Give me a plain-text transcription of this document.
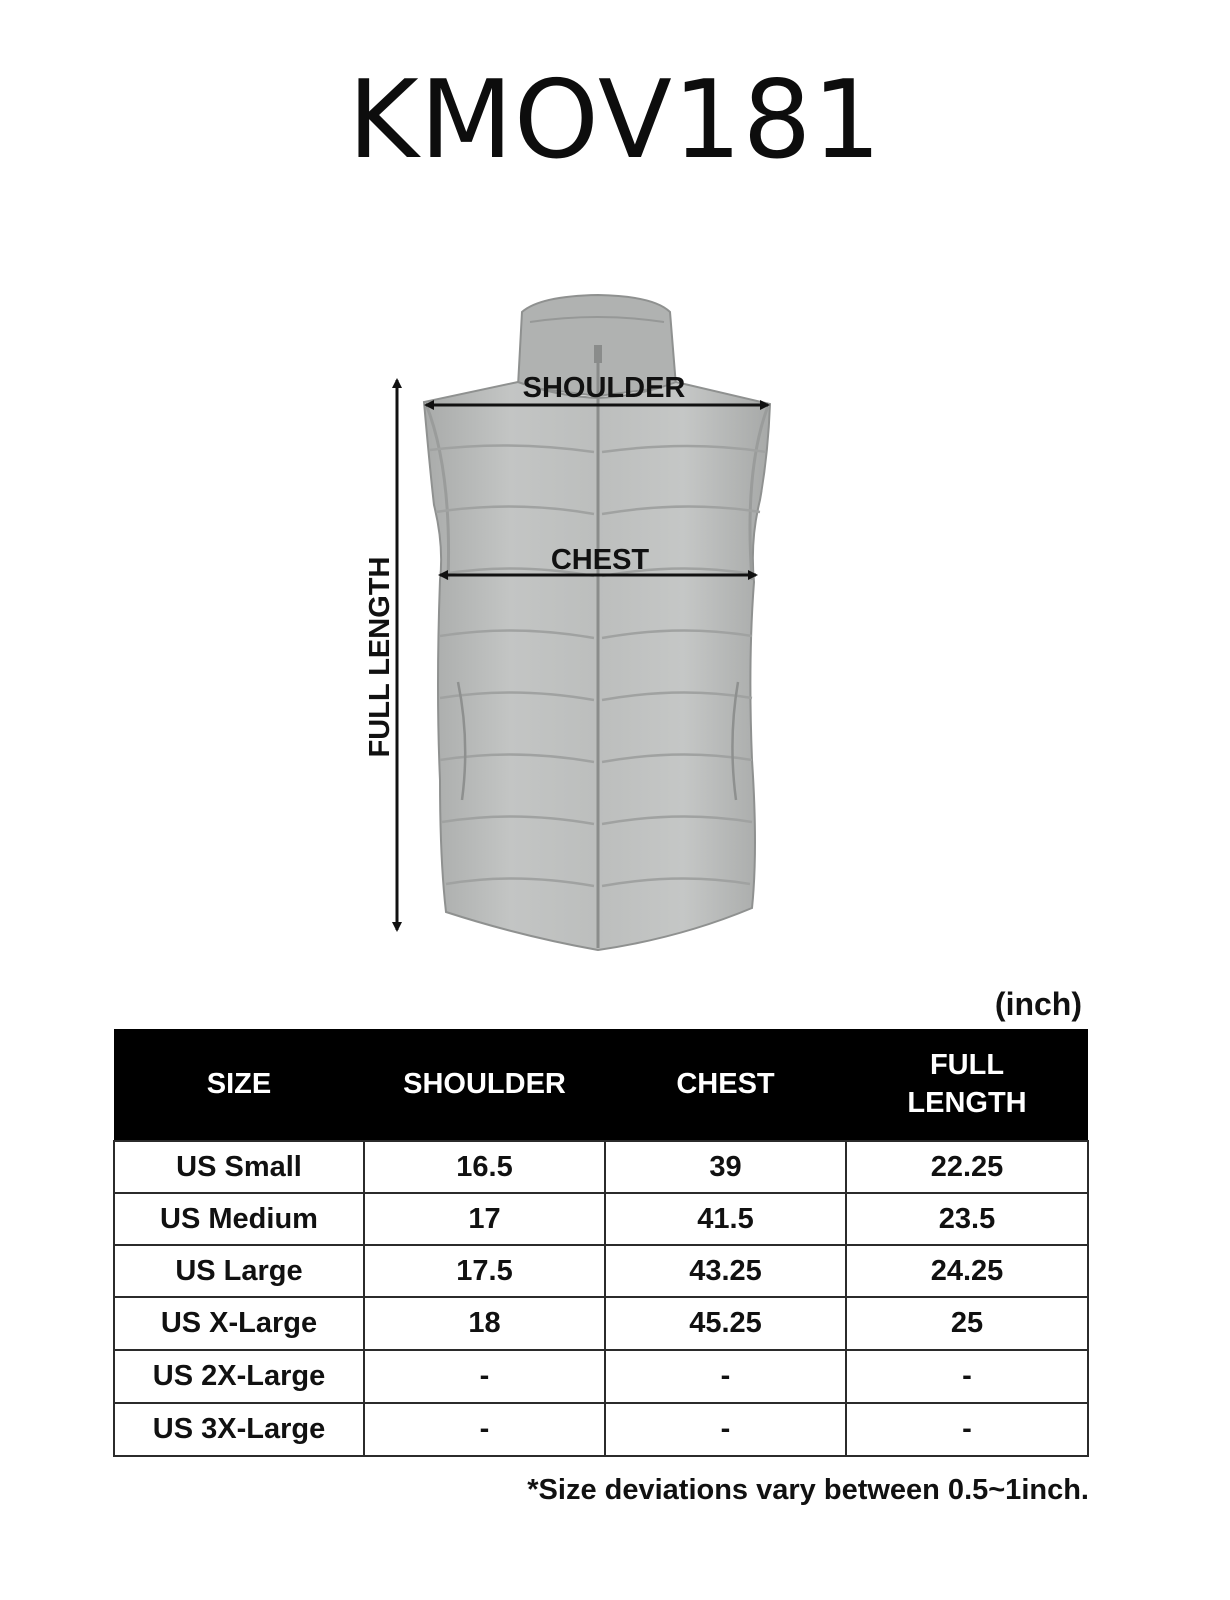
KMOV181
SHOULDER
CHEST
FULL LENGTH
(inch)
SIZE	SHOULDER	CHEST	FULL
LENGTH
US Small	16.5	39	22.25
US Medium	17	41.5	23.5
US Large	17.5	43.25	24.25
US X-Large	18	45.25	25
US 2X-Large	-	-	-
US 3X-Large	-	-	-
*Size deviations vary between 0.5~1inch.
